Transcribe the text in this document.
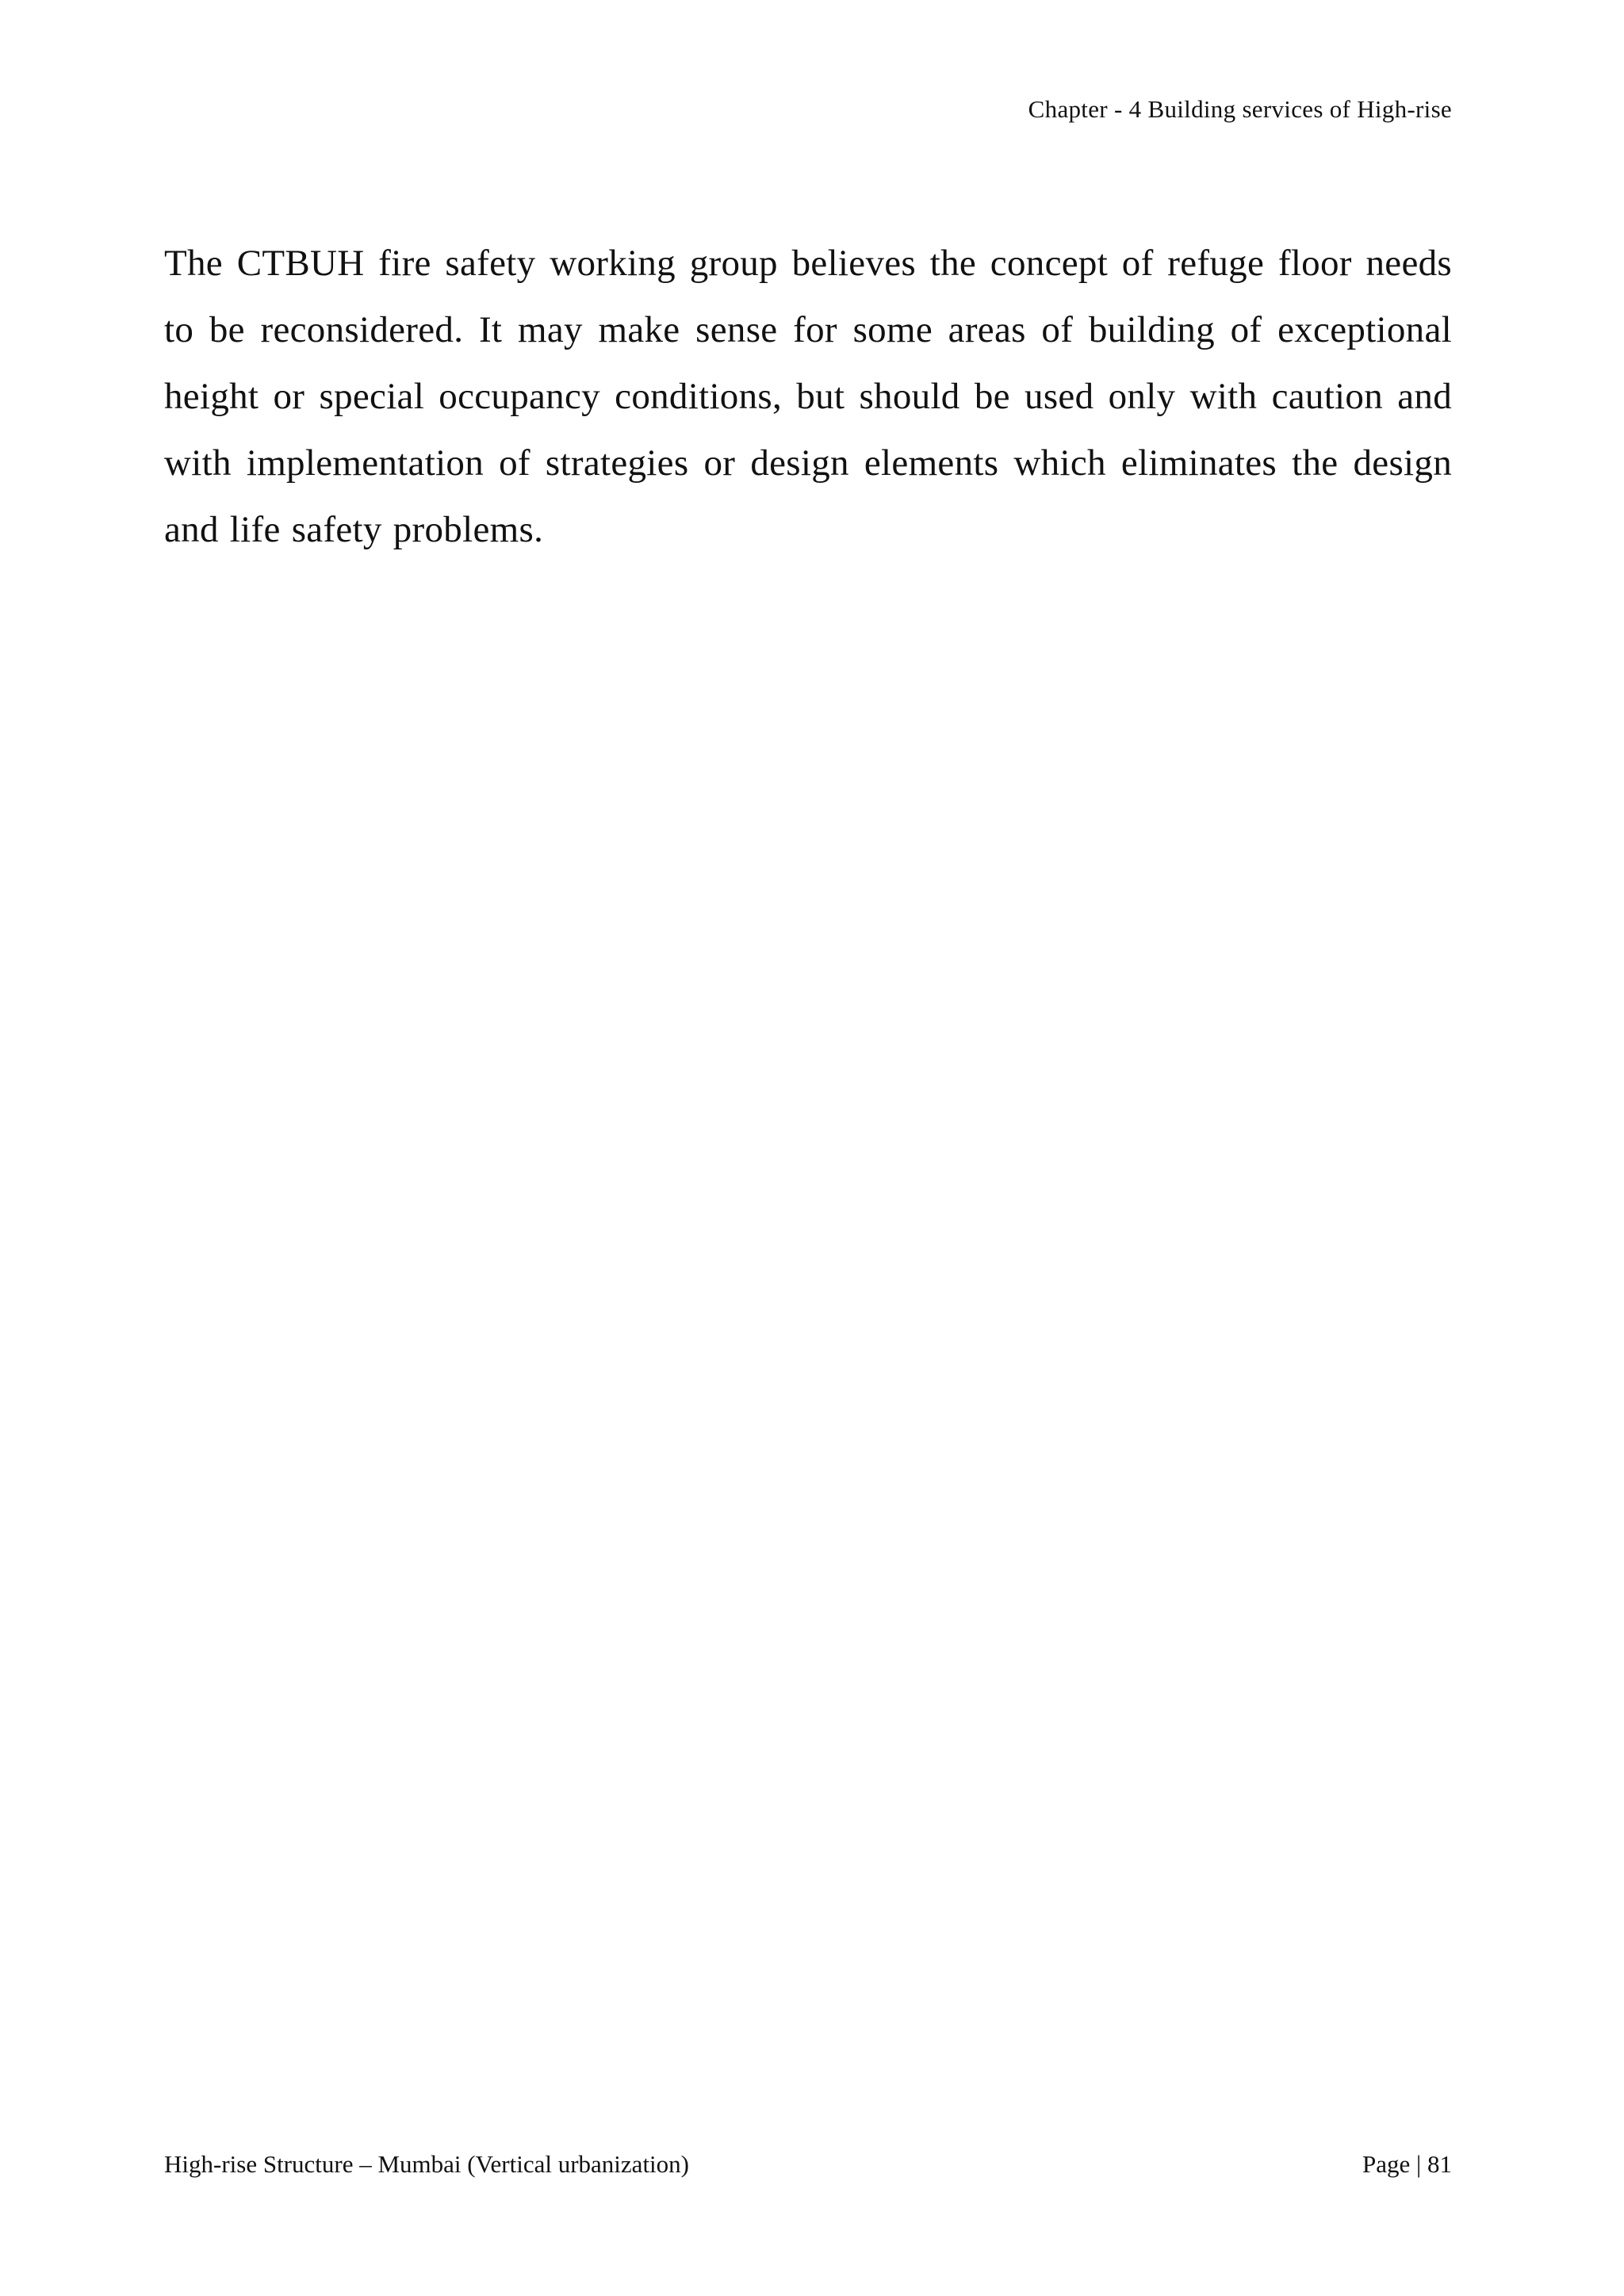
Chapter - 4 Building services of High-rise

The CTBUH fire safety working group believes the concept of refuge floor needs to be reconsidered. It may make sense for some areas of building of exceptional height or special occupancy conditions, but should be used only with caution and with implementation of strategies or design elements which eliminates the design and life safety problems.

High-rise Structure – Mumbai (Vertical urbanization)	Page | 81
